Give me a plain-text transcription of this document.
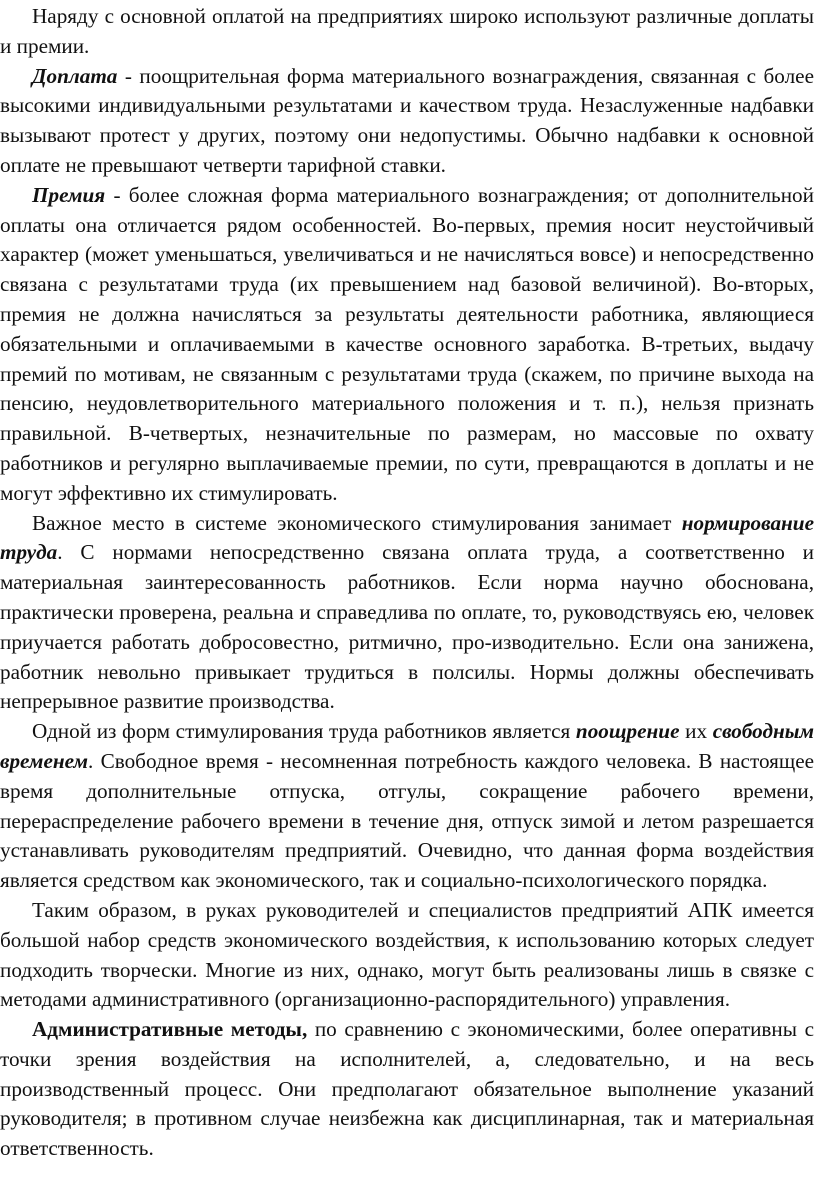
Наряду с основной оплатой на предприятиях широко используют различные доплаты и премии.

Доплата - поощрительная форма материального вознаграждения, связанная с более высокими индивидуальными результатами и качеством труда. Незаслуженные надбавки вызывают протест у других, поэтому они недопустимы. Обычно надбавки к основной оплате не превышают четверти тарифной ставки.

Премия - более сложная форма материального вознаграждения; от дополнительной оплаты она отличается рядом особенностей. Во-первых, премия носит неустойчивый характер (может уменьшаться, увеличиваться и не начисляться вовсе) и непосредственно связана с результатами труда (их превышением над базовой величиной). Во-вторых, премия не должна начисляться за результаты деятельности работника, являющиеся обязательными и оплачиваемыми в качестве основного заработка. В-третьих, выдачу премий по мотивам, не связанным с результатами труда (скажем, по причине выхода на пенсию, неудовлетворительного материального положения и т. п.), нельзя признать правильной. В-четвертых, незначительные по размерам, но массовые по охвату работников и регулярно выплачиваемые премии, по сути, превращаются в доплаты и не могут эффективно их стимулировать.

Важное место в системе экономического стимулирования занимает нормирование труда. С нормами непосредственно связана оплата труда, а соответственно и материальная заинтересованность работников. Если норма научно обоснована, практически проверена, реальна и справедлива по оплате, то, руководствуясь ею, человек приучается работать добросовестно, ритмично, про-изводительно. Если она занижена, работник невольно привыкает трудиться в полсилы. Нормы должны обеспечивать непрерывное развитие производства.

Одной из форм стимулирования труда работников является поощрение их свободным временем. Свободное время - несомненная потребность каждого человека. В настоящее время дополнительные отпуска, отгулы, сокращение рабочего времени, перераспределение рабочего времени в течение дня, отпуск зимой и летом разрешается устанавливать руководителям предприятий. Очевидно, что данная форма воздействия является средством как экономического, так и социально-психологического порядка.

Таким образом, в руках руководителей и специалистов предприятий АПК имеется большой набор средств экономического воздействия, к использованию которых следует подходить творчески. Многие из них, однако, могут быть реализованы лишь в связке с методами административного (организационно-распорядительного) управления.

Административные методы, по сравнению с экономическими, более оперативны с точки зрения воздействия на исполнителей, а, следовательно, и на весь производственный процесс. Они предполагают обязательное выполнение указаний руководителя; в противном случае неизбежна как дисциплинарная, так и материальная ответственность.
